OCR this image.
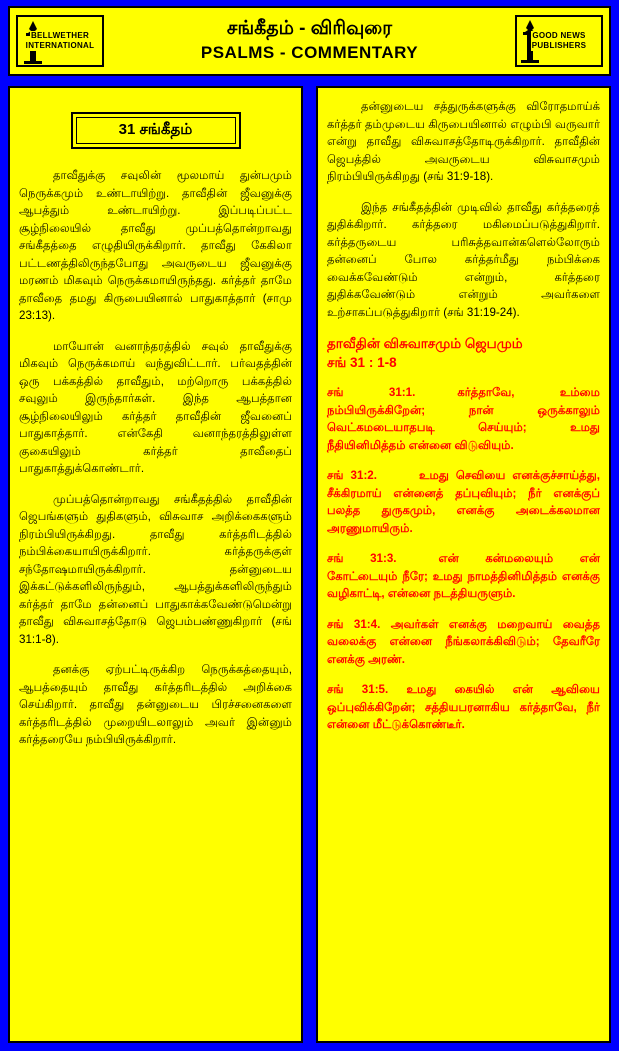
BELLWETHER
INTERNATIONAL
சங்கீதம் - விரிவுரை
PSALMS - COMMENTARY
GOOD NEWS
PUBLISHERS
31 சங்கீதம்

தாவீதுக்கு சவுலின் மூலமாய் துன்பமும் நெருக்கமும் உண்டாயிற்று. தாவீதின் ஜீவனுக்கு ஆபத்தும் உண்டாயிற்று. இப்படிப்பட்ட சூழ்நிலையில் தாவீது முப்பத்தொன்றாவது சங்கீதத்தை எழுதியிருக்கிறார். தாவீது கேகிலா பட்டணத்திலிருந்தபோது அவருடைய ஜீவனுக்கு மரணம் மிகவும் நெருக்கமாயிருந்தது. கர்த்தர் தாமே தாவீதை தமது கிருபையினால் பாதுகாத்தார் (சாமு 23:13).

மாயோன் வனாந்தரத்தில் சவுல் தாவீதுக்கு மிகவும் நெருக்கமாய் வந்துவிட்டார். பர்வதத்தின் ஒரு பக்கத்தில் தாவீதும், மற்றொரு பக்கத்தில் சவுலும் இருந்தார்கள். இந்த ஆபத்தான சூழ்நிலையிலும் கர்த்தர் தாவீதின் ஜீவனைப் பாதுகாத்தார். என்கேதி வனாந்தரத்திலுள்ள குகையிலும் கர்த்தர் தாவீதைப் பாதுகாத்துக்கொண்டார்.

முப்பத்தொன்றாவது சங்கீதத்தில் தாவீதின் ஜெபங்களும் துதிகளும், விசுவாச அறிக்கைகளும் நிரம்பியிருக்கிறது. தாவீது கர்த்தரிடத்தில் நம்பிக்கையாயிருக்கிறார். கர்த்தருக்குள் சந்தோஷமாயிருக்கிறார். தன்னுடைய இக்கட்டுக்களிலிருந்தும், ஆபத்துக்களிலிருந்தும் கர்த்தர் தாமே தன்னைப் பாதுகாக்கவேண்டுமென்று தாவீது விசுவாசத்தோடு ஜெபம்பண்ணுகிறார் (சங் 31:1-8).

தனக்கு ஏற்பட்டிருக்கிற நெருக்கத்தையும், ஆபத்தையும் தாவீது கர்த்தரிடத்தில் அறிக்கை செய்கிறார். தாவீது தன்னுடைய பிரச்சனைகளை கர்த்தரிடத்தில் முறையிடலாலும் அவர் இன்னும் கர்த்தரையே நம்பியிருக்கிறார்.

தன்னுடைய சத்துருக்களுக்கு விரோதமாய்க் கர்த்தர் தம்முடைய கிருபையினால் எழும்பி வருவார் என்று தாவீது விசுவாசத்தோடிருக்கிறார். தாவீதின் ஜெபத்தில் அவருடைய விசுவாசமும் நிரம்பியிருக்கிறது (சங் 31:9-18).

இந்த சங்கீதத்தின் முடிவில் தாவீது கர்த்தரைத் துதிக்கிறார். கர்த்தரை மகிமைப்படுத்துகிறார். கர்த்தருடைய பரிசுத்தவான்களெல்லோரும் தன்னைப் போல கர்த்தர்மீது நம்பிக்கை வைக்கவேண்டும் என்றும், கர்த்தரை துதிக்கவேண்டும் என்றும் அவர்களை உற்சாகப்படுத்துகிறார் (சங் 31:19-24).

தாவீதின் விசுவாசமும் ஜெபமும்
சங் 31 : 1-8

சங் 31:1.	கர்த்தாவே, உம்மை நம்பியிருக்கிறேன்; நான் ஒருக்காலும் வெட்கமடையாதபடி செய்யும்; உமது நீதியினிமித்தம் என்னை விடுவியும்.

சங் 31:2.	உமது செவியை எனக்குச்சாய்த்து, சீக்கிரமாய் என்னைத் தப்புவியும்; நீர் எனக்குப் பலத்த துருகமும், எனக்கு அடைக்கலமான அரணுமாயிரும்.

சங் 31:3.	என் கன்மலையும் என் கோட்டையும் நீரே; உமது நாமத்தினிமித்தம் எனக்கு வழிகாட்டி, என்னை நடத்தியருளும்.

சங் 31:4. அவர்கள் எனக்கு மறைவாய் வைத்த வலைக்கு என்னை நீங்கலாக்கிவிடும்; தேவரீரே எனக்கு அரண்.

சங் 31:5. உமது கையில் என் ஆவியை ஒப்புவிக்கிறேன்; சத்தியபரனாகிய கர்த்தாவே, நீர் என்னை மீட்டுக்கொண்டீர்.
